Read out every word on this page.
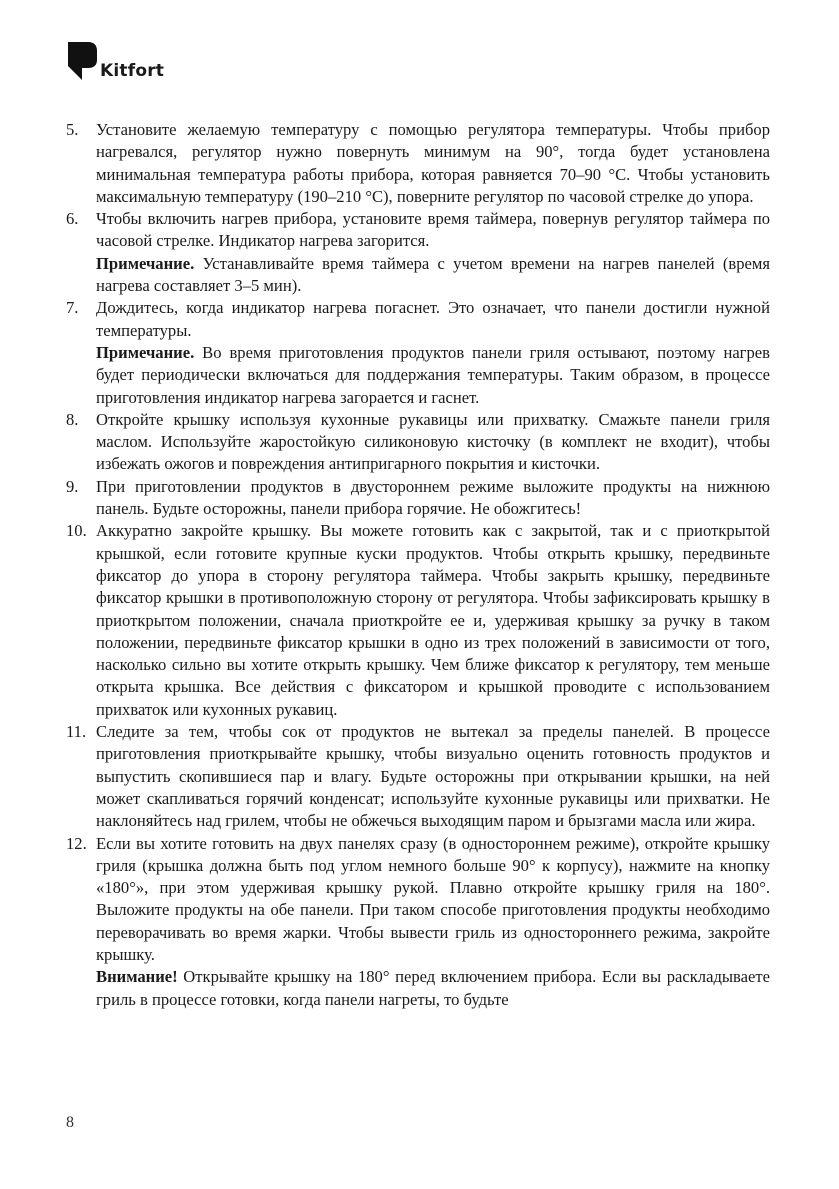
Kitfort
5. Установите желаемую температуру с помощью регулятора температуры. Чтобы прибор нагревался, регулятор нужно повернуть минимум на 90°, тогда будет установлена минимальная температура работы прибора, которая равняется 70–90 °С. Чтобы установить максимальную температуру (190–210 °С), поверните регулятор по часовой стрелке до упора.

6. Чтобы включить нагрев прибора, установите время таймера, повернув регулятор таймера по часовой стрелке. Индикатор нагрева загорится.

Примечание. Устанавливайте время таймера с учетом времени на нагрев панелей (время нагрева составляет 3–5 мин).

7. Дождитесь, когда индикатор нагрева погаснет. Это означает, что панели достигли нужной температуры.

Примечание. Во время приготовления продуктов панели гриля остывают, поэтому нагрев будет периодически включаться для поддержания температуры. Таким образом, в процессе приготовления индикатор нагрева загорается и гаснет.

8. Откройте крышку используя кухонные рукавицы или прихватку. Смажьте панели гриля маслом. Используйте жаростойкую силиконовую кисточку (в комплект не входит), чтобы избежать ожогов и повреждения антипригарного покрытия и кисточки.

9. При приготовлении продуктов в двустороннем режиме выложите продукты на нижнюю панель. Будьте осторожны, панели прибора горячие. Не обожгитесь!

10. Аккуратно закройте крышку. Вы можете готовить как с закрытой, так и с приоткрытой крышкой, если готовите крупные куски продуктов. Чтобы открыть крышку, передвиньте фиксатор до упора в сторону регулятора таймера. Чтобы закрыть крышку, передвиньте фиксатор крышки в противоположную сторону от регулятора. Чтобы зафиксировать крышку в приоткрытом положении, сначала приоткройте ее и, удерживая крышку за ручку в таком положении, передвиньте фиксатор крышки в одно из трех положений в зависимости от того, насколько сильно вы хотите открыть крышку. Чем ближе фиксатор к регулятору, тем меньше открыта крышка. Все действия с фиксатором и крышкой проводите с использованием прихваток или кухонных рукавиц.

11. Следите за тем, чтобы сок от продуктов не вытекал за пределы панелей. В процессе приготовления приоткрывайте крышку, чтобы визуально оценить готовность продуктов и выпустить скопившиеся пар и влагу. Будьте осторожны при открывании крышки, на ней может скапливаться горячий конденсат; используйте кухонные рукавицы или прихватки. Не наклоняйтесь над грилем, чтобы не обжечься выходящим паром и брызгами масла или жира.

12. Если вы хотите готовить на двух панелях сразу (в одностороннем режиме), откройте крышку гриля (крышка должна быть под углом немного больше 90° к корпусу), нажмите на кнопку «180°», при этом удерживая крышку рукой. Плавно откройте крышку гриля на 180°. Выложите продукты на обе панели. При таком способе приготовления продукты необходимо переворачивать во время жарки. Чтобы вывести гриль из одностороннего режима, закройте крышку.

Внимание! Открывайте крышку на 180° перед включением прибора. Если вы раскладываете гриль в процессе готовки, когда панели нагреты, то будьте

8
